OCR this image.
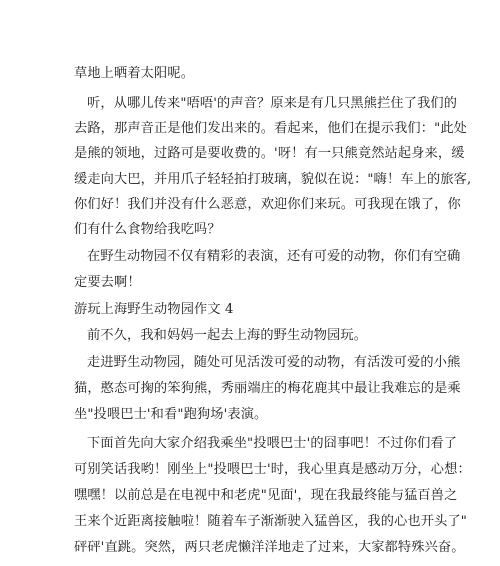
草地上晒着太阳呢。
听，从哪儿传来"唔唔'的声音？原来是有几只黑熊拦住了我们的
去路，那声音正是他们发出来的。看起来，他们在提示我们："此处
是熊的领地，过路可是要收费的。'呀！有一只熊竟然站起身来，缓
缓走向大巴，并用爪子轻轻拍打玻璃，貌似在说："嗨！车上的旅客,
你们好！我们并没有什么恶意，欢迎你们来玩。可我现在饿了，你
们有什么食物给我吃吗？
在野生动物园不仅有精彩的表演，还有可爱的动物，你们有空确
定要去啊！
游玩上海野生动物园作文 4
前不久，我和妈妈一起去上海的野生动物园玩。
走进野生动物园，随处可见活泼可爱的动物，有活泼可爱的小熊
猫，憨态可掬的笨狗熊，秀丽端庄的梅花鹿其中最让我难忘的是乘
坐"投喂巴士'和看"跑狗场'表演。
下面首先向大家介绍我乘坐"投喂巴士'的囧事吧！不过你们看了
可别笑话我哟！刚坐上"投喂巴士'时，我心里真是感动万分，心想：
嘿嘿！以前总是在电视中和老虎"见面'，现在我最终能与猛百兽之
王来个近距离接触啦！随着车子渐渐驶入猛兽区，我的心也开头了"
砰砰'直跳。突然，两只老虎懒洋洋地走了过来，大家都特殊兴奋。
